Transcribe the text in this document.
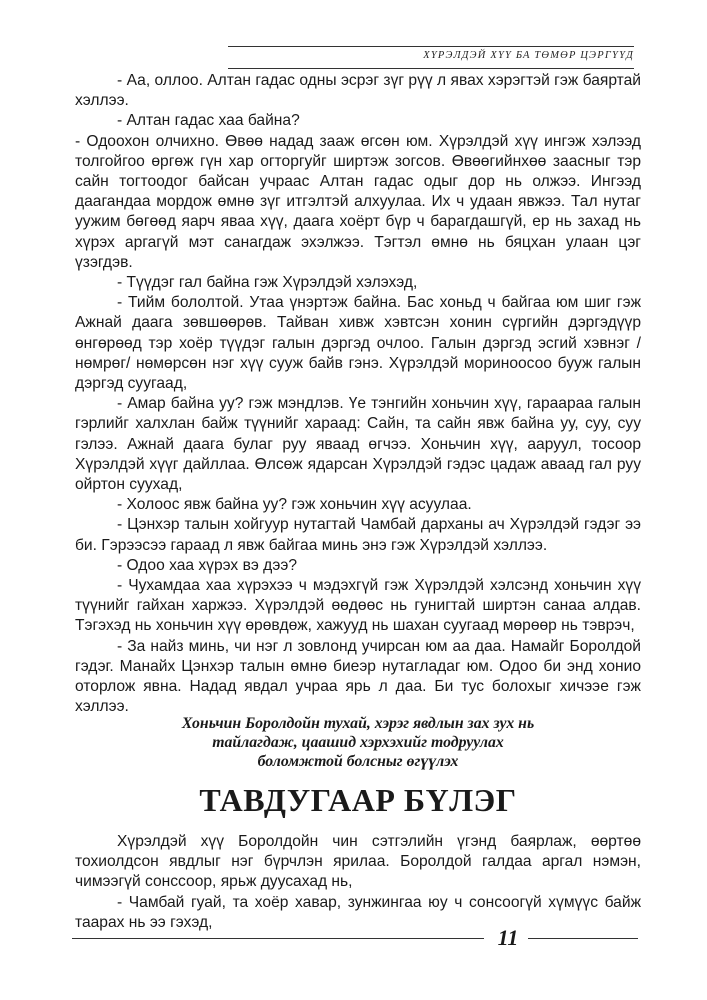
ХҮРЭЛДЭЙ ХҮҮ БА ТӨМӨР ЦЭРГҮҮД

- Аа, оллоо. Алтан гадас одны эсрэг зүг рүү л явах хэрэгтэй гэж баяртай хэллээ.

- Алтан гадас хаа байна?

- Одоохон олчихно. Өвөө надад зааж өгсөн юм. Хүрэлдэй хүү ингэж хэлээд толгойгоо өргөж гүн хар огторгуйг ширтэж зогсов. Өвөөгийнхөө заасныг тэр сайн тогтоодог байсан учраас Алтан гадас одыг дор нь олжээ. Ингээд даагандаа мордож өмнө зүг итгэлтэй алхуулаа. Их ч удаан явжээ. Тал нутаг уужим бөгөөд яарч яваа хүү, даага хоёрт бүр ч барагдашгүй, ер нь захад нь хүрэх аргагүй мэт санагдаж эхэлжээ. Тэгтэл өмнө нь бяцхан улаан цэг үзэгдэв.

- Түүдэг гал байна гэж Хүрэлдэй хэлэхэд,

- Тийм бололтой. Утаа үнэртэж байна. Бас хоньд ч байгаа юм шиг гэж Ажнай даага зөвшөөрөв. Тайван хивж хэвтсэн хонин сүргийн дэргэдүүр өнгөрөөд тэр хоёр түүдэг галын дэргэд очлоо. Галын дэргэд эсгий хэвнэг /нөмрөг/ нөмөрсөн нэг хүү сууж байв гэнэ. Хүрэлдэй мориноосоо бууж галын дэргэд суугаад,

- Амар байна уу? гэж мэндлэв. Үе тэнгийн хоньчин хүү, гараараа галын гэрлийг халхлан байж түүнийг хараад: Сайн, та сайн явж байна уу, суу, суу гэлээ. Ажнай даага булаг руу яваад өгчээ. Хоньчин хүү, ааруул, тосоор Хүрэлдэй хүүг дайллаа. Өлсөж ядарсан Хүрэлдэй гэдэс цадаж аваад гал руу ойртон суухад,

- Холоос явж байна уу? гэж хоньчин хүү асуулаа.

- Цэнхэр талын хойгуур нутагтай Чамбай дарханы ач Хүрэлдэй гэдэг ээ би. Гэрээсээ гараад л явж байгаа минь энэ гэж Хүрэлдэй хэллээ.

- Одоо хаа хүрэх вэ дээ?

- Чухамдаа хаа хүрэхээ ч мэдэхгүй гэж Хүрэлдэй хэлсэнд хоньчин хүү түүнийг гайхан харжээ. Хүрэлдэй өөдөөс нь гунигтай ширтэн санаа алдав. Тэгэхэд нь хоньчин хүү өрөвдөж, хажууд нь шахан суугаад мөрөөр нь тэврэч,

- За найз минь, чи нэг л зовлонд учирсан юм аа даа. Намайг Боролдой гэдэг. Манайх Цэнхэр талын өмнө биеэр нутагладаг юм. Одоо би энд хонио оторлож явна. Надад явдал учраа ярь л даа. Би тус болохыг хичээе гэж хэллээ.

Хоньчин Боролдойн тухай, хэрэг явдлын зах зух нь
тайлагдаж, цаашид хэрхэхийг тодруулах
боломжтой болсныг өгүүлэх
ТАВДУГААР БҮЛЭГ

Хүрэлдэй хүү Боролдойн чин сэтгэлийн үгэнд баярлаж, өөртөө тохиолдсон явдлыг нэг бүрчлэн ярилаа. Боролдой галдаа аргал нэмэн, чимээгүй сонссоор, ярьж дуусахад нь,

- Чамбай гуай, та хоёр хавар, зунжингаа юу ч сонсоогүй хүмүүс байж таарах нь ээ гэхэд,

11
